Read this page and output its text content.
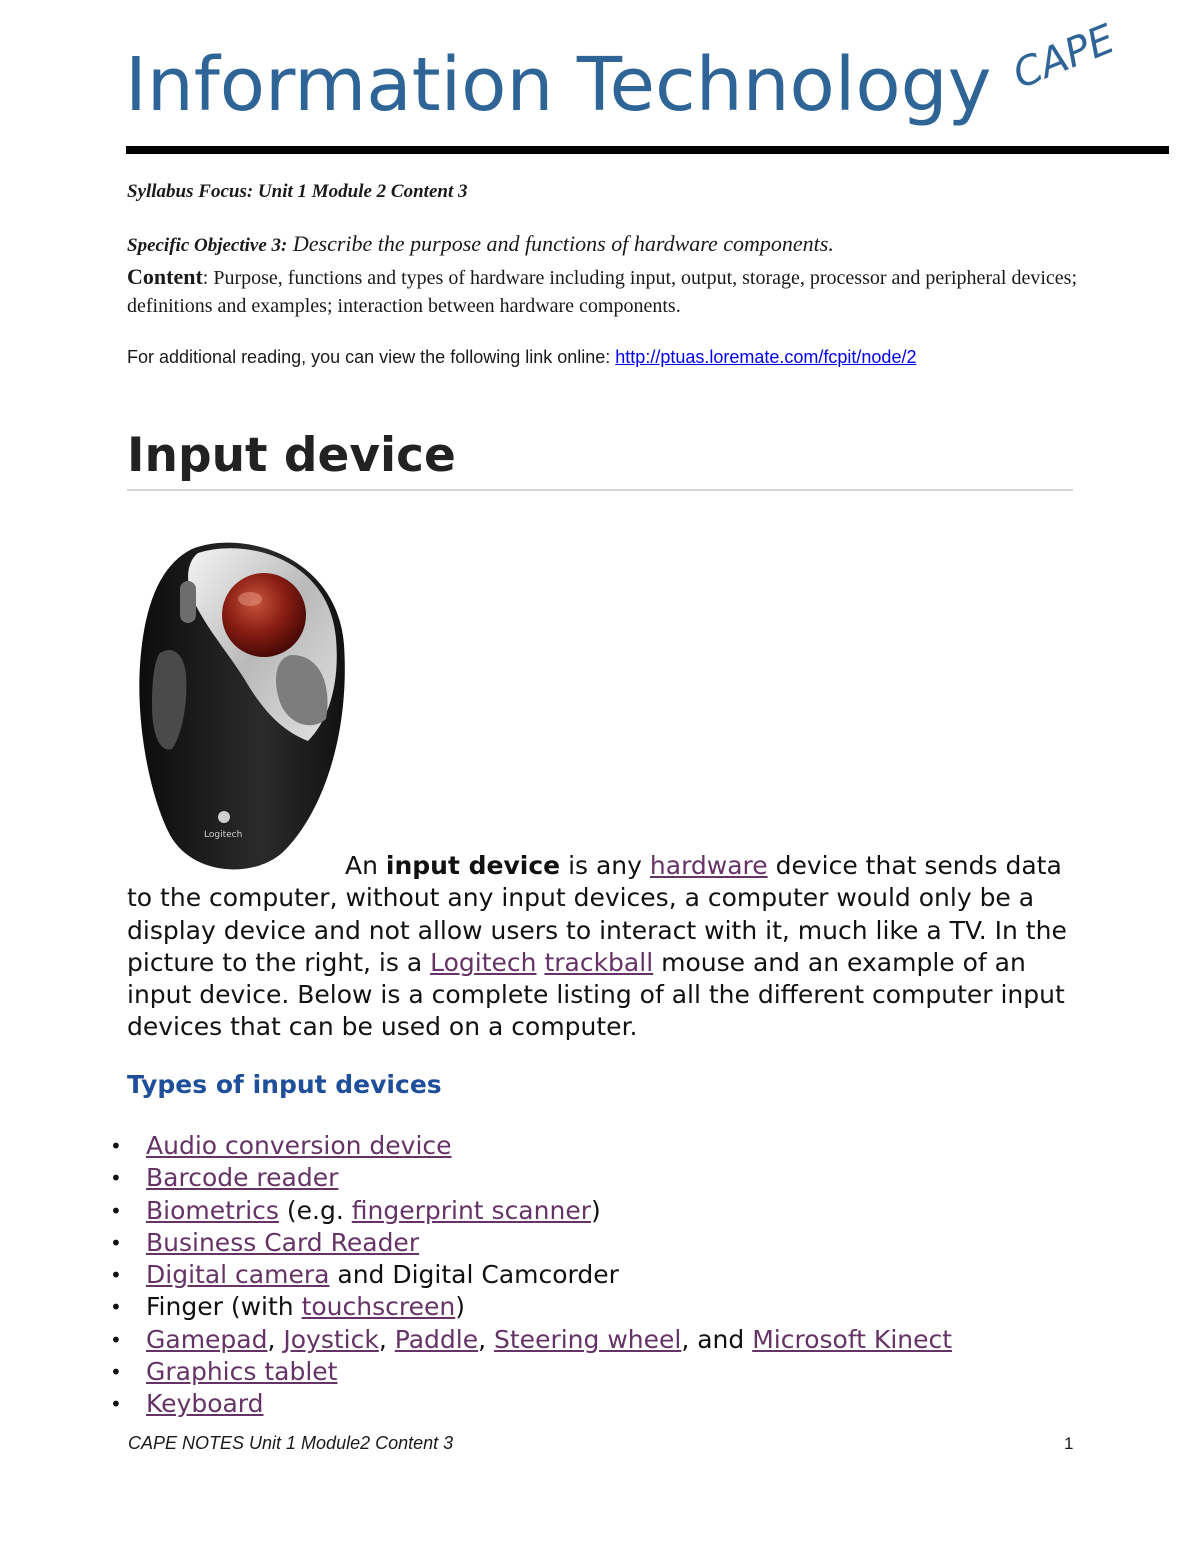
Information Technology CAPE
Syllabus Focus: Unit 1 Module 2 Content 3
Specific Objective 3: Describe the purpose and functions of hardware components.
Content: Purpose, functions and types of hardware including input, output, storage, processor and peripheral devices; definitions and examples; interaction between hardware components.
For additional reading, you can view the following link online: http://ptuas.loremate.com/fcpit/node/2
Input device
Logitech
An input device is any hardware device that sends data to the computer, without any input devices, a computer would only be a display device and not allow users to interact with it, much like a TV. In the picture to the right, is a Logitech trackball mouse and an example of an input device. Below is a complete listing of all the different computer input devices that can be used on a computer.
Types of input devices
• Audio conversion device
• Barcode reader
• Biometrics (e.g. fingerprint scanner)
• Business Card Reader
• Digital camera and Digital Camcorder
• Finger (with touchscreen)
• Gamepad, Joystick, Paddle, Steering wheel, and Microsoft Kinect
• Graphics tablet
• Keyboard
CAPE NOTES Unit 1 Module2 Content 3	1
